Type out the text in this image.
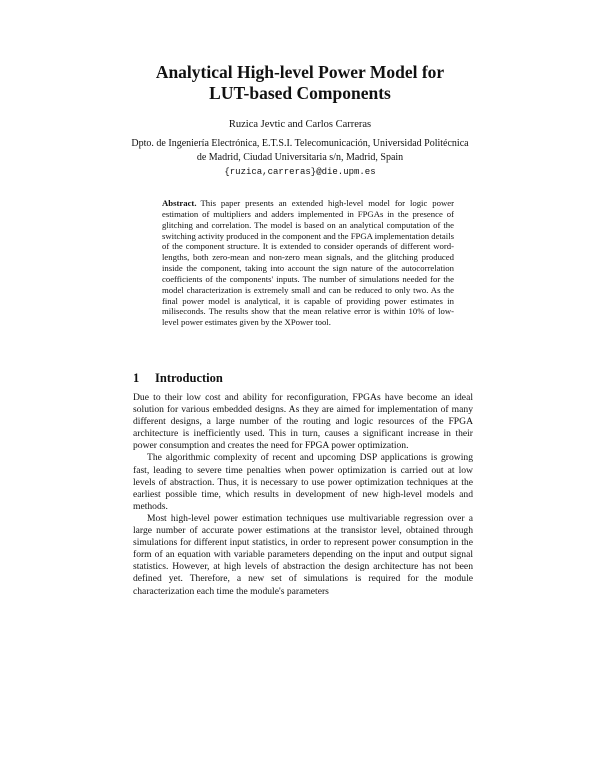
Analytical High-level Power Model for
LUT-based Components
Ruzica Jevtic and Carlos Carreras
Dpto. de Ingeniería Electrónica, E.T.S.I. Telecomunicación, Universidad Politécnica
de Madrid, Ciudad Universitaria s/n, Madrid, Spain
{ruzica,carreras}@die.upm.es
Abstract. This paper presents an extended high-level model for logic power estimation of multipliers and adders implemented in FPGAs in the presence of glitching and correlation. The model is based on an analytical computation of the switching activity produced in the component and the FPGA implementation details of the component structure. It is extended to consider operands of different word-lengths, both zero-mean and non-zero mean signals, and the glitching produced inside the component, taking into account the sign nature of the autocorrelation coefficients of the components' inputs. The number of simulations needed for the model characterization is extremely small and can be reduced to only two. As the final power model is analytical, it is capable of providing power estimates in miliseconds. The results show that the mean relative error is within 10% of low-level power estimates given by the XPower tool.
1 Introduction

Due to their low cost and ability for reconfiguration, FPGAs have become an ideal solution for various embedded designs. As they are aimed for implementation of many different designs, a large number of the routing and logic resources of the FPGA architecture is inefficiently used. This in turn, causes a significant increase in their power consumption and creates the need for FPGA power optimization.

The algorithmic complexity of recent and upcoming DSP applications is growing fast, leading to severe time penalties when power optimization is carried out at low levels of abstraction. Thus, it is necessary to use power optimization techniques at the earliest possible time, which results in development of new high-level models and methods.

Most high-level power estimation techniques use multivariable regression over a large number of accurate power estimations at the transistor level, obtained through simulations for different input statistics, in order to represent power consumption in the form of an equation with variable parameters depending on the input and output signal statistics. However, at high levels of abstraction the design architecture has not been defined yet. Therefore, a new set of simulations is required for the module characterization each time the module's parameters
